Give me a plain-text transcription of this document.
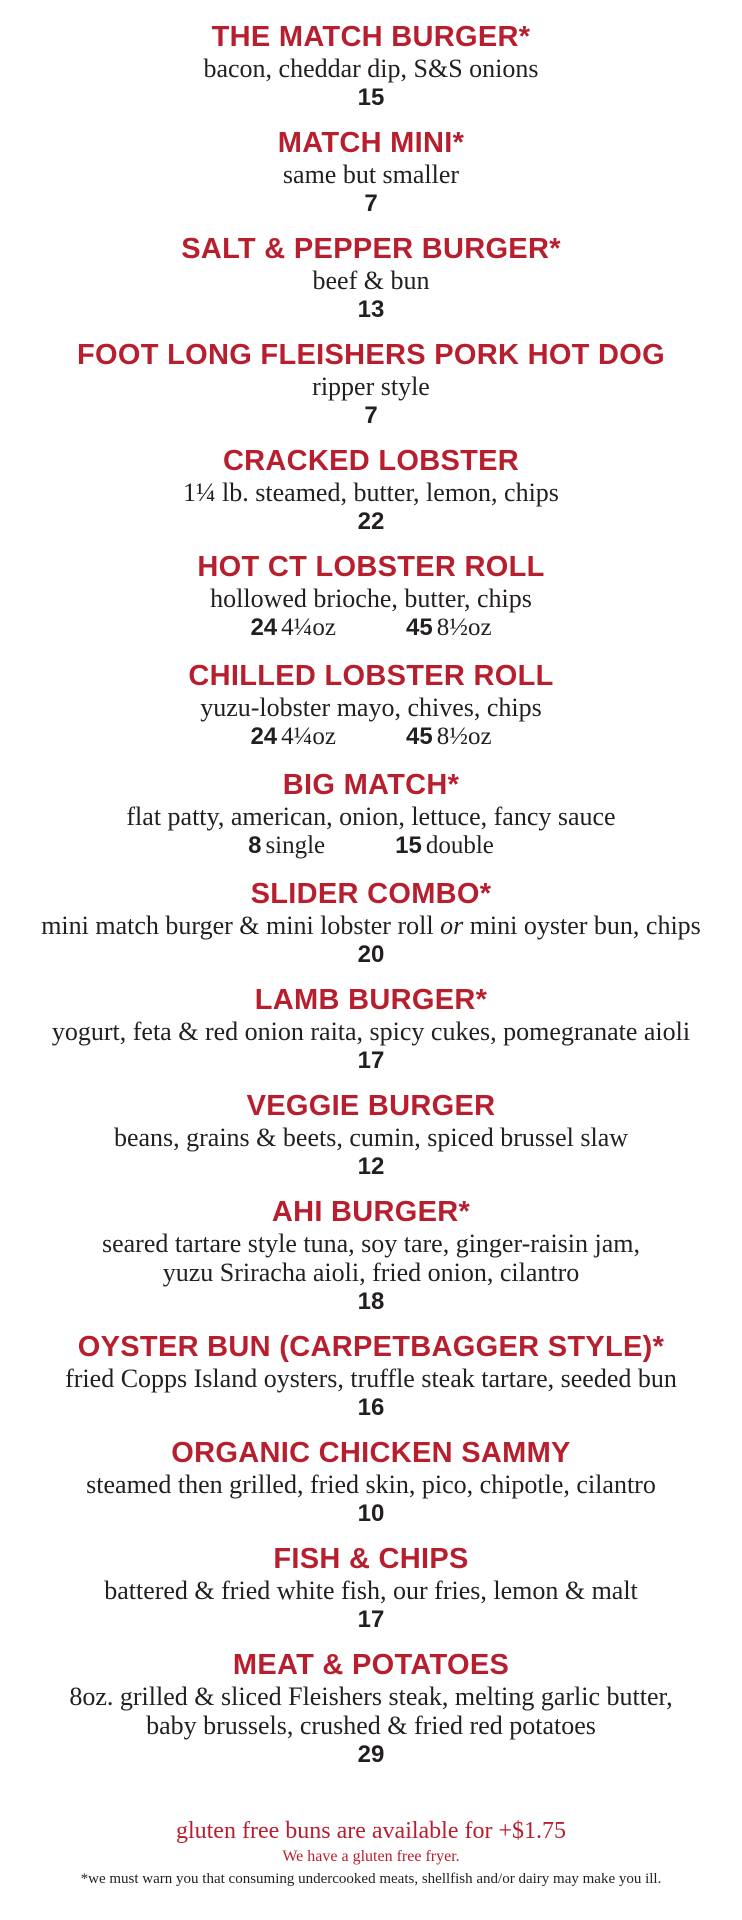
THE MATCH BURGER*
bacon, cheddar dip, S&S onions
15
MATCH MINI*
same but smaller
7
SALT & PEPPER BURGER*
beef & bun
13
FOOT LONG FLEISHERS PORK HOT DOG
ripper style
7
CRACKED LOBSTER
1¼ lb. steamed, butter, lemon, chips
22
HOT CT LOBSTER ROLL
hollowed brioche, butter, chips
24 4¼oz	45 8½oz
CHILLED LOBSTER ROLL
yuzu-lobster mayo, chives, chips
24 4¼oz	45 8½oz
BIG MATCH*
flat patty, american, onion, lettuce, fancy sauce
8 single	15 double
SLIDER COMBO*
mini match burger & mini lobster roll or mini oyster bun, chips
20
LAMB BURGER*
yogurt, feta & red onion raita, spicy cukes, pomegranate aioli
17
VEGGIE BURGER
beans, grains & beets, cumin, spiced brussel slaw
12
AHI BURGER*
seared tartare style tuna, soy tare, ginger-raisin jam,
yuzu Sriracha aioli, fried onion, cilantro
18
OYSTER BUN (CARPETBAGGER STYLE)*
fried Copps Island oysters, truffle steak tartare, seeded bun
16
ORGANIC CHICKEN SAMMY
steamed then grilled, fried skin, pico, chipotle, cilantro
10
FISH & CHIPS
battered & fried white fish, our fries, lemon & malt
17
MEAT & POTATOES
8oz. grilled & sliced Fleishers steak, melting garlic butter,
baby brussels, crushed & fried red potatoes
29
gluten free buns are available for +$1.75
We have a gluten free fryer.
*we must warn you that consuming undercooked meats, shellfish and/or dairy may make you ill.
